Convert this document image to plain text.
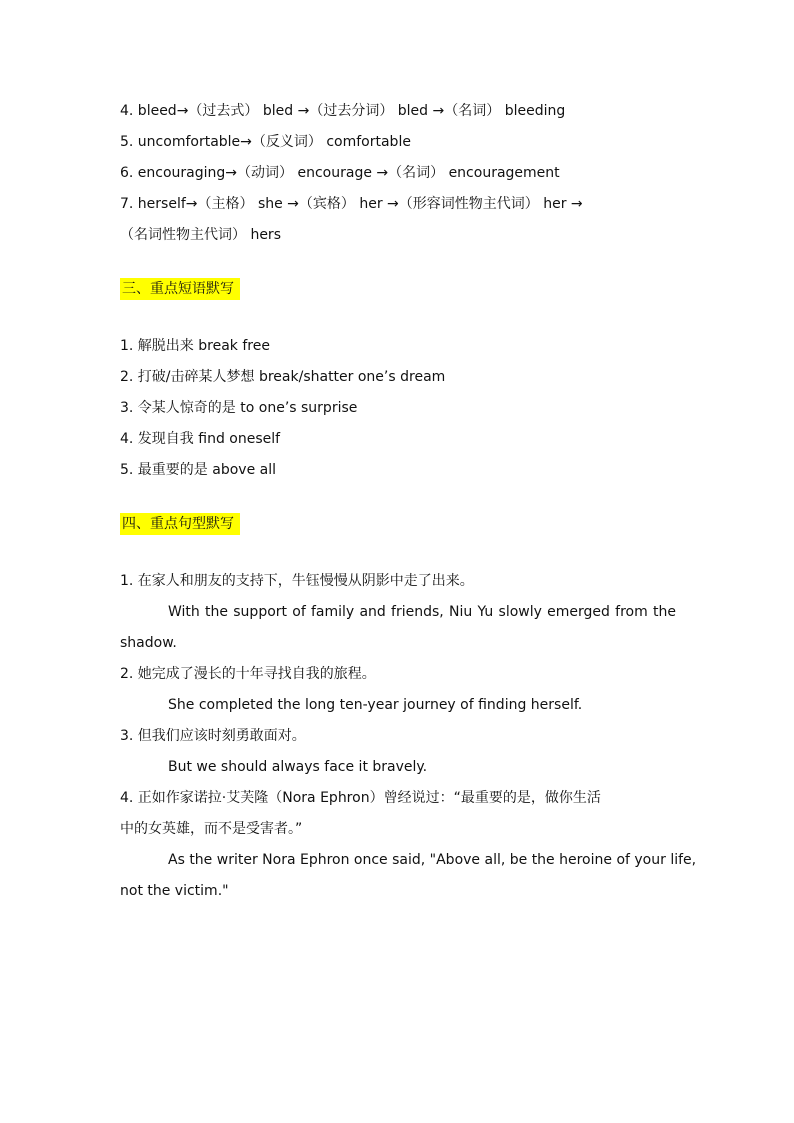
4. bleed→（过去式） bled →（过去分词） bled →（名词） bleeding
5. uncomfortable→（反义词） comfortable
6. encouraging→（动词） encourage →（名词） encouragement
7. herself→（主格） she →（宾格） her →（形容词性物主代词） her →
（名词性物主代词） hers
三、重点短语默写
1. 解脱出来 break free
2. 打破/击碎某人梦想 break/shatter one’s dream
3. 令某人惊奇的是 to one’s surprise
4. 发现自我 find oneself
5. 最重要的是 above all
四、重点句型默写
1. 在家人和朋友的支持下，牛钰慢慢从阴影中走了出来。
With the support of family and friends, Niu Yu slowly emerged from the
shadow.
2. 她完成了漫长的十年寻找自我的旅程。
She completed the long ten-year journey of finding herself.
3. 但我们应该时刻勇敢面对。
But we should always face it bravely.
4. 正如作家诺拉·艾芙隆（Nora Ephron）曾经说过：“最重要的是，做你生活
中的女英雄，而不是受害者。”
As the writer Nora Ephron once said, "Above all, be the heroine of your life,
not the victim."
